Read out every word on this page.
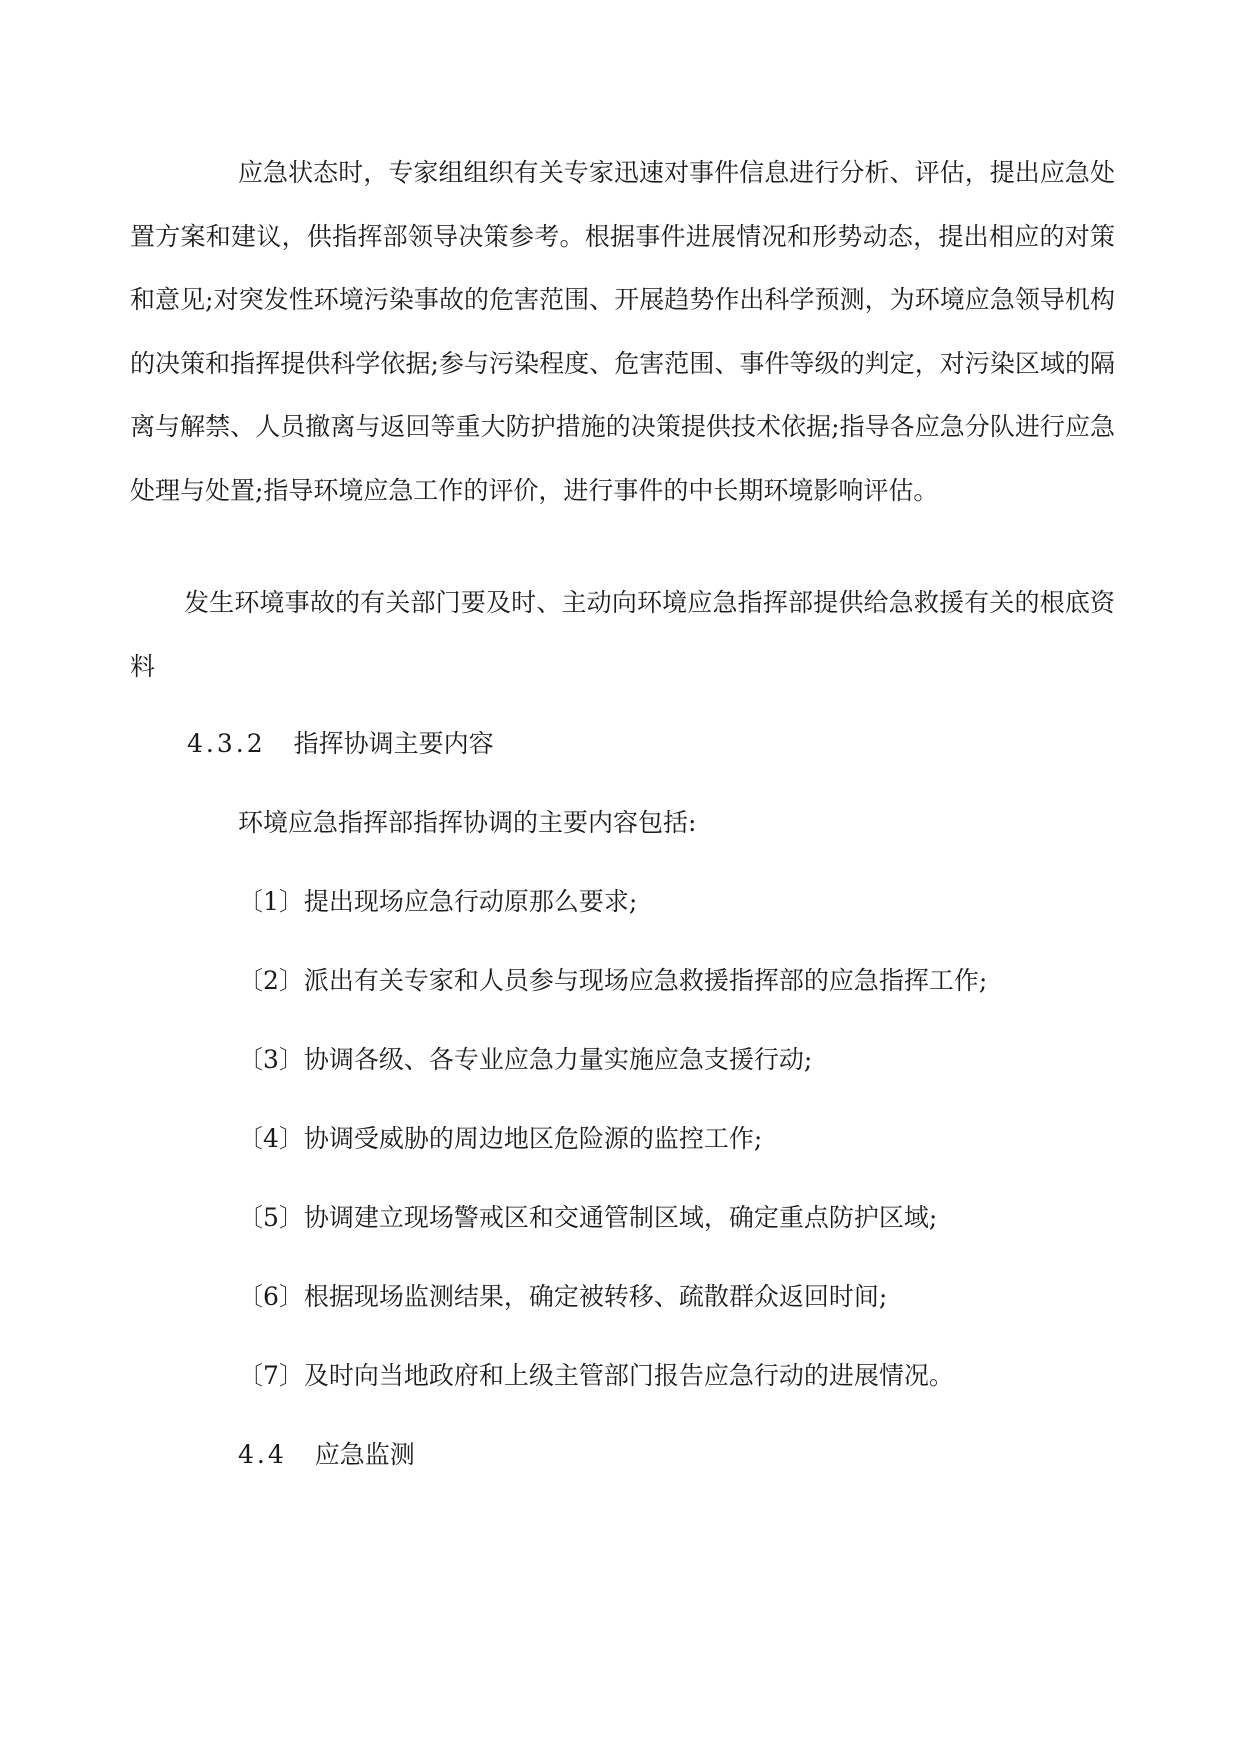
应急状态时，专家组组织有关专家迅速对事件信息进行分析、评估，提出应急处置方案和建议，供指挥部领导决策参考。根据事件进展情况和形势动态，提出相应的对策和意见;对突发性环境污染事故的危害范围、开展趋势作出科学预测，为环境应急领导机构的决策和指挥提供科学依据;参与污染程度、危害范围、事件等级的判定，对污染区域的隔离与解禁、人员撤离与返回等重大防护措施的决策提供技术依据;指导各应急分队进行应急处理与处置;指导环境应急工作的评价，进行事件的中长期环境影响评估。

发生环境事故的有关部门要及时、主动向环境应急指挥部提供给急救援有关的根底资料

4.3.2 指挥协调主要内容
环境应急指挥部指挥协调的主要内容包括:
〔1〕提出现场应急行动原那么要求;
〔2〕派出有关专家和人员参与现场应急救援指挥部的应急指挥工作;
〔3〕协调各级、各专业应急力量实施应急支援行动;
〔4〕协调受威胁的周边地区危险源的监控工作;
〔5〕协调建立现场警戒区和交通管制区域，确定重点防护区域;
〔6〕根据现场监测结果，确定被转移、疏散群众返回时间;
〔7〕及时向当地政府和上级主管部门报告应急行动的进展情况。
4.4 应急监测
